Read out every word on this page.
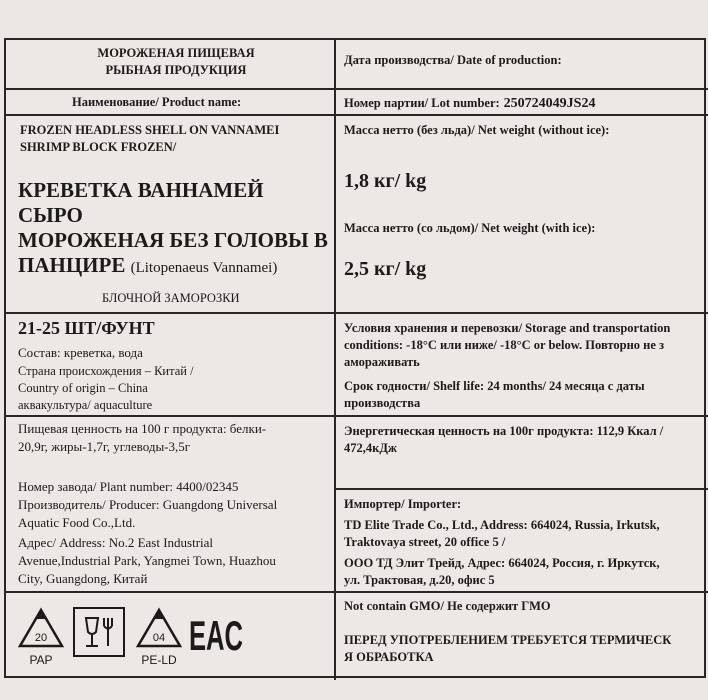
МОРОЖЕНАЯ ПИЩЕВАЯ РЫБНАЯ ПРОДУКЦИЯ
Наименование/ Product name:
FROZEN HEADLESS SHELL ON VANNAMEI
SHRIMP BLOCK FROZEN/
КРЕВЕТКА ВАННАМЕЙ СЫРО
МОРОЖЕНАЯ БЕЗ ГОЛОВЫ В
ПАНЦИРЕ (Litopenaeus Vannamei)
БЛОЧНОЙ ЗАМОРОЗКИ
21-25 ШТ/ФУНТ
Состав: креветка, вода
Страна происхождения – Китай /
Country of origin – China
аквакультура/ aquaculture
Пищевая ценность на 100 г продукта: белки-
20,9г, жиры-1,7г, углеводы-3,5г
Номер завода/ Plant number: 4400/02345
Производитель/ Producer: Guangdong Universal
Aquatic Food Co.,Ltd.
Адрес/ Address: No.2 East Industrial
Avenue,Industrial Park, Yangmei Town, Huazhou
City, Guangdong, Китай
20
PAP
04
PE-LD
EAC
Дата производства/ Date of production:
Номер партии/ Lot number: 250724049JS24
Масса нетто (без льда)/ Net weight (without ice):
1,8 кг/ kg
Масса нетто (со льдом)/ Net weight (with ice):
2,5 кг/ kg
Условия хранения и перевозки/ Storage and transportation
conditions: -18°С или ниже/ -18°С or below. Повторно не з
амораживать
Срок годности/ Shelf life: 24 months/ 24 месяца с даты
производства
Энергетическая ценность на 100г продукта: 112,9 Ккал /
472,4кДж
Импортер/ Importer:
TD Elite Trade Co., Ltd., Address: 664024, Russia, Irkutsk,
Traktovaya street, 20 office 5 /
ООО ТД Элит Трейд, Адрес: 664024, Россия, г. Иркутск,
ул. Трактовая, д.20, офис 5
Not contain GMO/ Не содержит ГМО
ПЕРЕД УПОТРЕБЛЕНИЕМ ТРЕБУЕТСЯ ТЕРМИЧЕСК
Я ОБРАБОТКА
